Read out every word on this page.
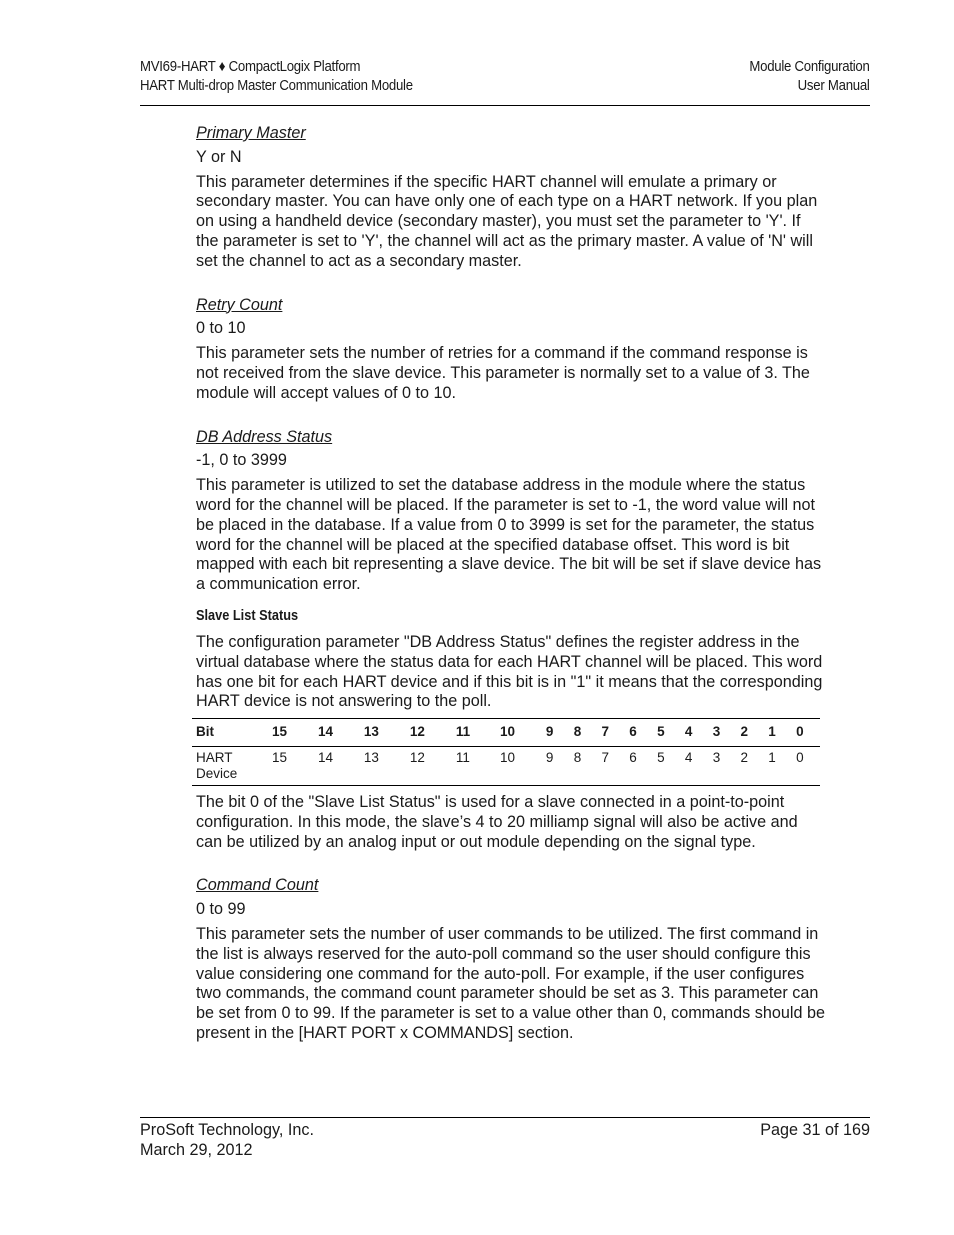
MVI69-HART ♦ CompactLogix Platform
HART Multi-drop Master Communication Module
Module Configuration
User Manual

Primary Master

Y or N

This parameter determines if the specific HART channel will emulate a primary or secondary master. You can have only one of each type on a HART network. If you plan on using a handheld device (secondary master), you must set the parameter to 'Y'. If the parameter is set to 'Y', the channel will act as the primary master. A value of 'N' will set the channel to act as a secondary master.

Retry Count

0 to 10

This parameter sets the number of retries for a command if the command response is not received from the slave device. This parameter is normally set to a value of 3. The module will accept values of 0 to 10.

DB Address Status

-1, 0 to 3999

This parameter is utilized to set the database address in the module where the status word for the channel will be placed. If the parameter is set to -1, the word value will not be placed in the database. If a value from 0 to 3999 is set for the parameter, the status word for the channel will be placed at the specified database offset. This word is bit mapped with each bit representing a slave device. The bit will be set if slave device has a communication error.

Slave List Status

The configuration parameter "DB Address Status" defines the register address in the virtual database where the status data for each HART channel will be placed. This word has one bit for each HART device and if this bit is in "1" it means that the corresponding HART device is not answering to the poll.

Bit	15	14	13	12	11	10	9	8	7	6	5	4	3	2	1	0

HART
Device	15	14	13	12	11	10	9	8	7	6	5	4	3	2	1	0

The bit 0 of the "Slave List Status" is used for a slave connected in a point-to-point configuration. In this mode, the slave’s 4 to 20 milliamp signal will also be active and can be utilized by an analog input or out module depending on the signal type.

Command Count

0 to 99

This parameter sets the number of user commands to be utilized. The first command in the list is always reserved for the auto-poll command so the user should configure this value considering one command for the auto-poll. For example, if the user configures two commands, the command count parameter should be set as 3. This parameter can be set from 0 to 99. If the parameter is set to a value other than 0, commands should be present in the [HART PORT x COMMANDS] section.

ProSoft Technology, Inc.
March 29, 2012
Page 31 of 169
